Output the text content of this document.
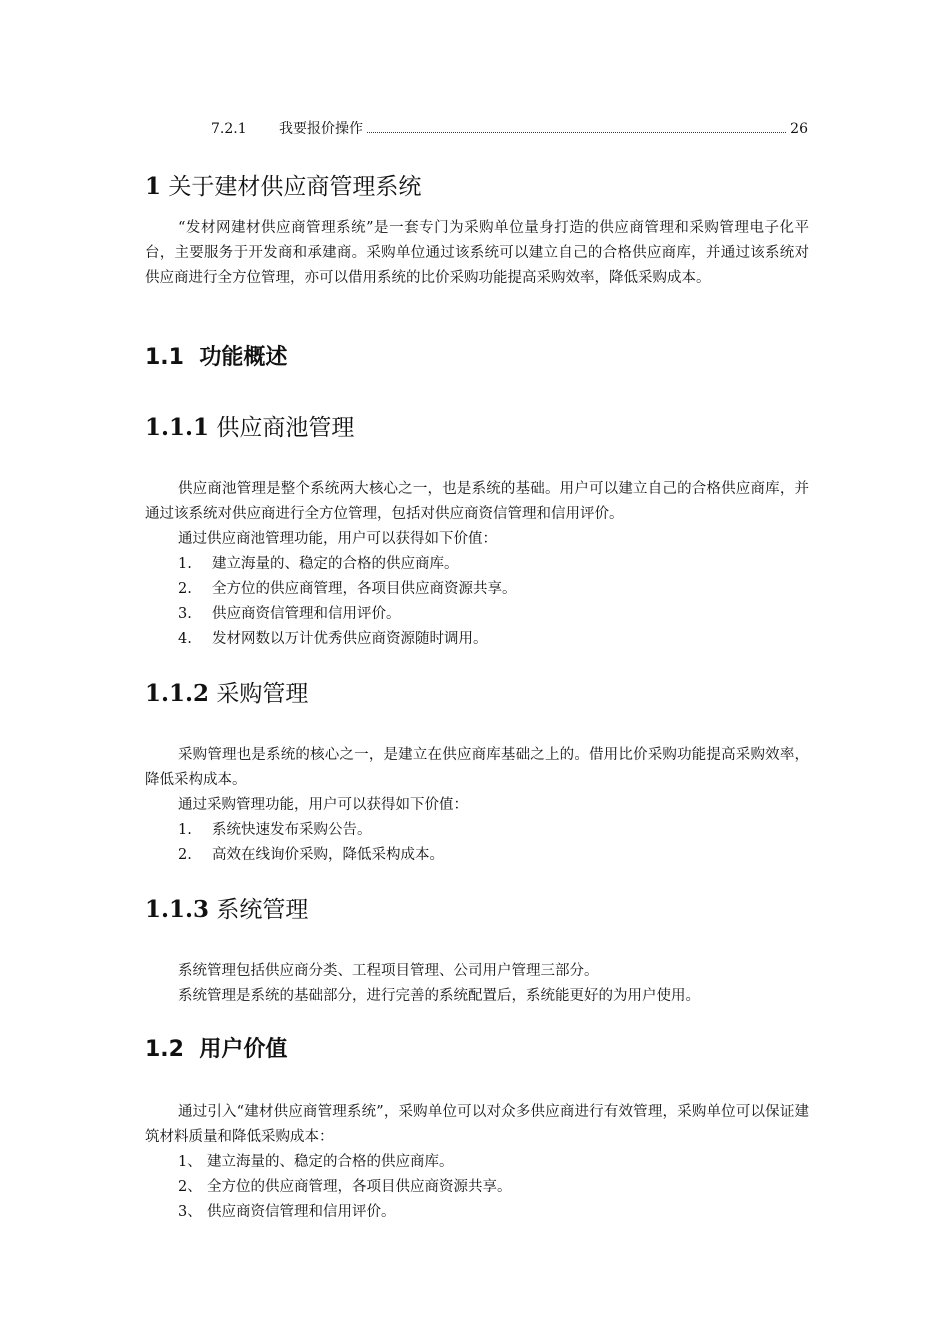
7.2.1	我要报价操作	26
1 关于建材供应商管理系统
“发材网建材供应商管理系统”是一套专门为采购单位量身打造的供应商管理和采购管理电子化平台，主要服务于开发商和承建商。采购单位通过该系统可以建立自己的合格供应商库，并通过该系统对供应商进行全方位管理，亦可以借用系统的比价采购功能提高采购效率，降低采购成本。
1.1 功能概述
1.1.1 供应商池管理
供应商池管理是整个系统两大核心之一，也是系统的基础。用户可以建立自己的合格供应商库，并通过该系统对供应商进行全方位管理，包括对供应商资信管理和信用评价。
通过供应商池管理功能，用户可以获得如下价值：
1.	建立海量的、稳定的合格的供应商库。
2.	全方位的供应商管理，各项目供应商资源共享。
3.	供应商资信管理和信用评价。
4.	发材网数以万计优秀供应商资源随时调用。
1.1.2 采购管理
采购管理也是系统的核心之一，是建立在供应商库基础之上的。借用比价采购功能提高采购效率，降低采构成本。
通过采购管理功能，用户可以获得如下价值：
1.	系统快速发布采购公告。
2.	高效在线询价采购，降低采构成本。
1.1.3 系统管理
系统管理包括供应商分类、工程项目管理、公司用户管理三部分。
系统管理是系统的基础部分，进行完善的系统配置后，系统能更好的为用户使用。
1.2 用户价值
通过引入“建材供应商管理系统”，采购单位可以对众多供应商进行有效管理，采购单位可以保证建筑材料质量和降低采购成本：
1、 建立海量的、稳定的合格的供应商库。
2、 全方位的供应商管理，各项目供应商资源共享。
3、 供应商资信管理和信用评价。
